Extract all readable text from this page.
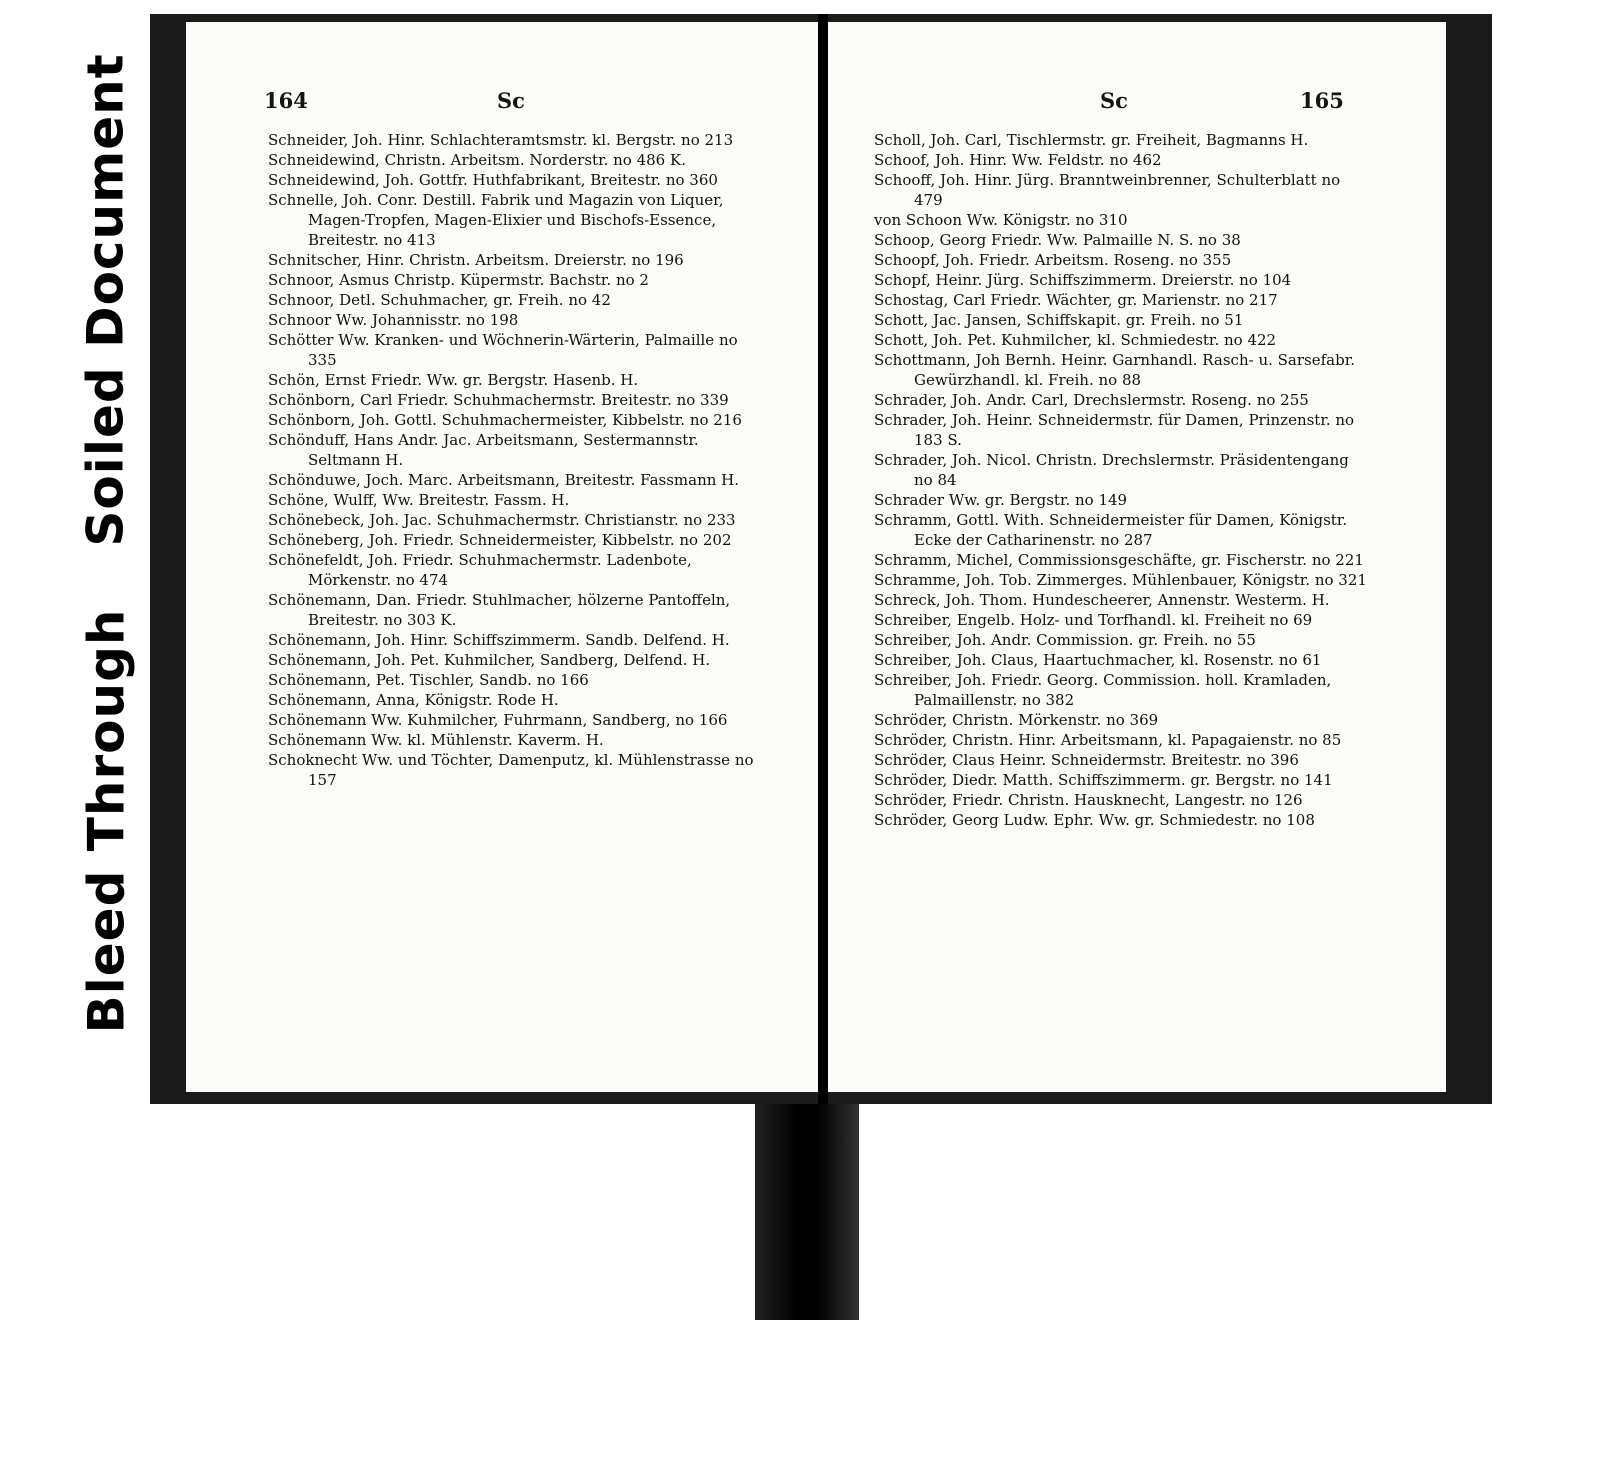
Soiled Document
Bleed Through
164	Sc
Schneider, Joh. Hinr. Schlachteramtsmstr. kl. Bergstr. no 213
Schneidewind, Christn. Arbeitsm. Norderstr. no 486 K.
Schneidewind, Joh. Gottfr. Huthfabrikant, Breitestr. no 360
Schnelle, Joh. Conr. Destill. Fabrik und Magazin von Liquer, Magen-Tropfen, Magen-Elixier und Bischofs-Essence, Breitestr. no 413
Schnitscher, Hinr. Christn. Arbeitsm. Dreierstr. no 196
Schnoor, Asmus Christp. Küpermstr. Bachstr. no 2
Schnoor, Detl. Schuhmacher, gr. Freih. no 42
Schnoor Ww. Johannisstr. no 198
Schötter Ww. Kranken- und Wöchnerin-Wärterin, Palmaille no 335
Schön, Ernst Friedr. Ww. gr. Bergstr. Hasenb. H.
Schönborn, Carl Friedr. Schuhmachermstr. Breitestr. no 339
Schönborn, Joh. Gottl. Schuhmachermeister, Kibbelstr. no 216
Schönduff, Hans Andr. Jac. Arbeitsmann, Sestermannstr. Seltmann H.
Schönduwe, Joch. Marc. Arbeitsmann, Breitestr. Fassmann H.
Schöne, Wulff, Ww. Breitestr. Fassm. H.
Schönebeck, Joh. Jac. Schuhmachermstr. Christianstr. no 233
Schöneberg, Joh. Friedr. Schneidermeister, Kibbelstr. no 202
Schönefeldt, Joh. Friedr. Schuhmachermstr. Ladenbote, Mörkenstr. no 474
Schönemann, Dan. Friedr. Stuhlmacher, hölzerne Pantoffeln, Breitestr. no 303 K.
Schönemann, Joh. Hinr. Schiffszimmerm. Sandb. Delfend. H.
Schönemann, Joh. Pet. Kuhmilcher, Sandberg, Delfend. H.
Schönemann, Pet. Tischler, Sandb. no 166
Schönemann, Anna, Königstr. Rode H.
Schönemann Ww. Kuhmilcher, Fuhrmann, Sandberg, no 166
Schönemann Ww. kl. Mühlenstr. Kaverm. H.
Schoknecht Ww. und Töchter, Damenputz, kl. Mühlenstrasse no 157
Sc	165
Scholl, Joh. Carl, Tischlermstr. gr. Freiheit, Bagmanns H.
Schoof, Joh. Hinr. Ww. Feldstr. no 462
Schooff, Joh. Hinr. Jürg. Branntweinbrenner, Schulterblatt no 479
von Schoon Ww. Königstr. no 310
Schoop, Georg Friedr. Ww. Palmaille N. S. no 38
Schoopf, Joh. Friedr. Arbeitsm. Roseng. no 355
Schopf, Heinr. Jürg. Schiffszimmerm. Dreierstr. no 104
Schostag, Carl Friedr. Wächter, gr. Marienstr. no 217
Schott, Jac. Jansen, Schiffskapit. gr. Freih. no 51
Schott, Joh. Pet. Kuhmilcher, kl. Schmiedestr. no 422
Schottmann, Joh Bernh. Heinr. Garnhandl. Rasch- u. Sarsefabr. Gewürzhandl. kl. Freih. no 88
Schrader, Joh. Andr. Carl, Drechslermstr. Roseng. no 255
Schrader, Joh. Heinr. Schneidermstr. für Damen, Prinzenstr. no 183 S.
Schrader, Joh. Nicol. Christn. Drechslermstr. Präsidentengang no 84
Schrader Ww. gr. Bergstr. no 149
Schramm, Gottl. With. Schneidermeister für Damen, Königstr. Ecke der Catharinenstr. no 287
Schramm, Michel, Commissionsgeschäfte, gr. Fischerstr. no 221
Schramme, Joh. Tob. Zimmerges. Mühlenbauer, Königstr. no 321
Schreck, Joh. Thom. Hundescheerer, Annenstr. Westerm. H.
Schreiber, Engelb. Holz- und Torfhandl. kl. Freiheit no 69
Schreiber, Joh. Andr. Commission. gr. Freih. no 55
Schreiber, Joh. Claus, Haartuchmacher, kl. Rosenstr. no 61
Schreiber, Joh. Friedr. Georg. Commission. holl. Kramladen, Palmaillenstr. no 382
Schröder, Christn. Mörkenstr. no 369
Schröder, Christn. Hinr. Arbeitsmann, kl. Papagaienstr. no 85
Schröder, Claus Heinr. Schneidermstr. Breitestr. no 396
Schröder, Diedr. Matth. Schiffszimmerm. gr. Bergstr. no 141
Schröder, Friedr. Christn. Hausknecht, Langestr. no 126
Schröder, Georg Ludw. Ephr. Ww. gr. Schmiedestr. no 108
